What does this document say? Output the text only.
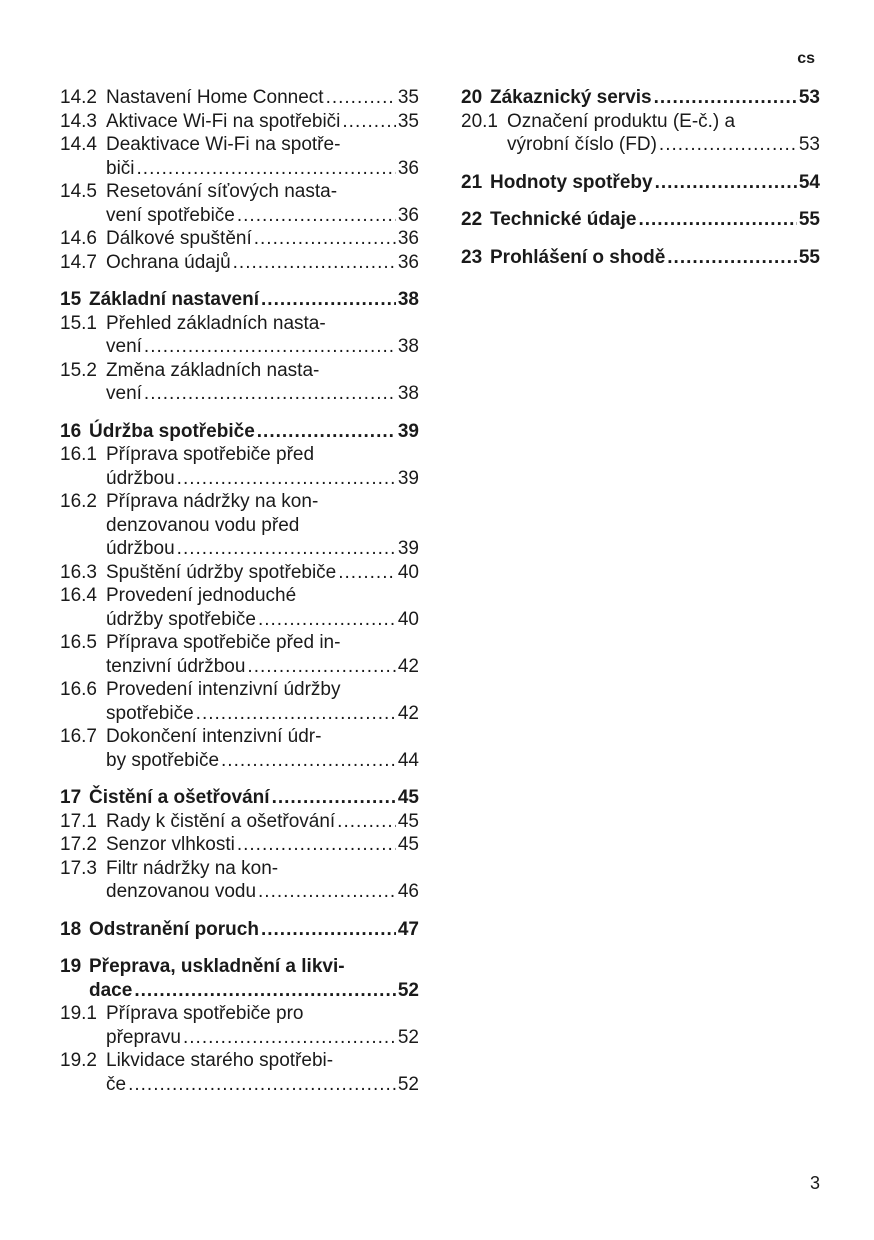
cs
14.2 Nastavení Home Connect .....	35
14.3 Aktivace Wi-Fi na spotřebiči .....	35
14.4 Deaktivace Wi-Fi na spotře-
biči .....	36
14.5 Resetování síťových nasta-
vení spotřebiče .....	36
14.6 Dálkové spuštění .....	36
14.7 Ochrana údajů .....	36
15 Základní nastavení .....	38
15.1 Přehled základních nasta-
vení .....	38
15.2 Změna základních nasta-
vení .....	38
16 Údržba spotřebiče .....	39
16.1 Příprava spotřebiče před
údržbou .....	39
16.2 Příprava nádržky na kon-
denzovanou vodu před
údržbou .....	39
16.3 Spuštění údržby spotřebiče .....	40
16.4 Provedení jednoduché
údržby spotřebiče .....	40
16.5 Příprava spotřebiče před in-
tenzivní údržbou .....	42
16.6 Provedení intenzivní údržby
spotřebiče .....	42
16.7 Dokončení intenzivní údr-
by spotřebiče .....	44
17 Čistění a ošetřování .....	45
17.1 Rady k čistění a ošetřování .....	45
17.2 Senzor vlhkosti .....	45
17.3 Filtr nádržky na kon-
denzovanou vodu .....	46
18 Odstranění poruch .....	47
19 Přeprava, uskladnění a likvi-
dace .....	52
19.1 Příprava spotřebiče pro
přepravu .....	52
19.2 Likvidace starého spotřebi-
če .....	52
20 Zákaznický servis .....	53
20.1 Označení produktu (E-č.) a
výrobní číslo (FD) .....	53
21 Hodnoty spotřeby .....	54
22 Technické údaje .....	55
23 Prohlášení o shodě .....	55
3
